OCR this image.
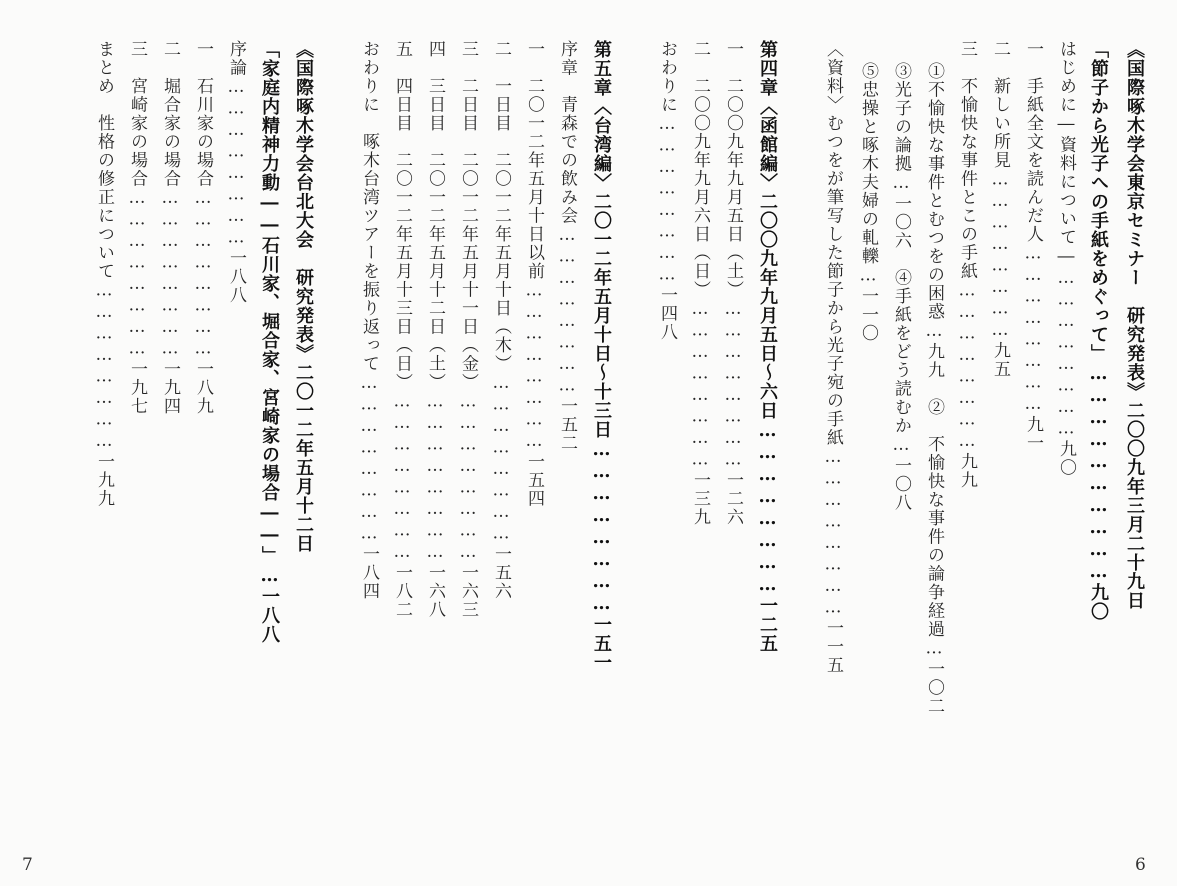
《国際啄木学会東京セミナー　研究発表》二〇〇九年三月二十九日
「節子から光子への手紙をめぐって」…………………………九〇
はじめに―資料について―……………………九〇
一　手紙全文を読んだ人……………………九一
二　新しい所見……………………九五
三　不愉快な事件とこの手紙……………………九九
①不愉快な事件とむつをの困惑…九九　②　不愉快な事件の論争経過…一〇二
③光子の論拠…一〇六　④手紙をどう読むか…一〇八
⑤忠操と啄木夫婦の軋轢…一一〇
〈資料〉むつをが筆写した節子から光子宛の手紙……………………一一五
第四章〈函館編〉二〇〇九年九月五日～六日……………………一二五
一　二〇〇九年九月五日（土）……………………一二六
二　二〇〇九年九月六日（日）……………………一三九
おわりに……………………一四八
第五章〈台湾編〉二〇一二年五月十日～十三日……………………一五一
序章　青森での飲み会……………………一五二
一　二〇一二年五月十日以前……………………一五四
二　一日目　二〇一二年五月十日（木）……………………一五六
三　二日目　二〇一二年五月十一日（金）……………………一六三
四　三日目　二〇一二年五月十二日（土）……………………一六八
五　四日目　二〇一二年五月十三日（日）……………………一八二
おわりに　啄木台湾ツアーを振り返って……………………一八四
《国際啄木学会台北大会　研究発表》二〇一二年五月十二日
「家庭内精神力動――石川家、堀合家、宮崎家の場合――」…一八八
序論……………………一八八
一　石川家の場合……………………一八九
二　堀合家の場合……………………一九四
三　宮崎家の場合……………………一九七
まとめ　性格の修正について……………………一九九
7	6
